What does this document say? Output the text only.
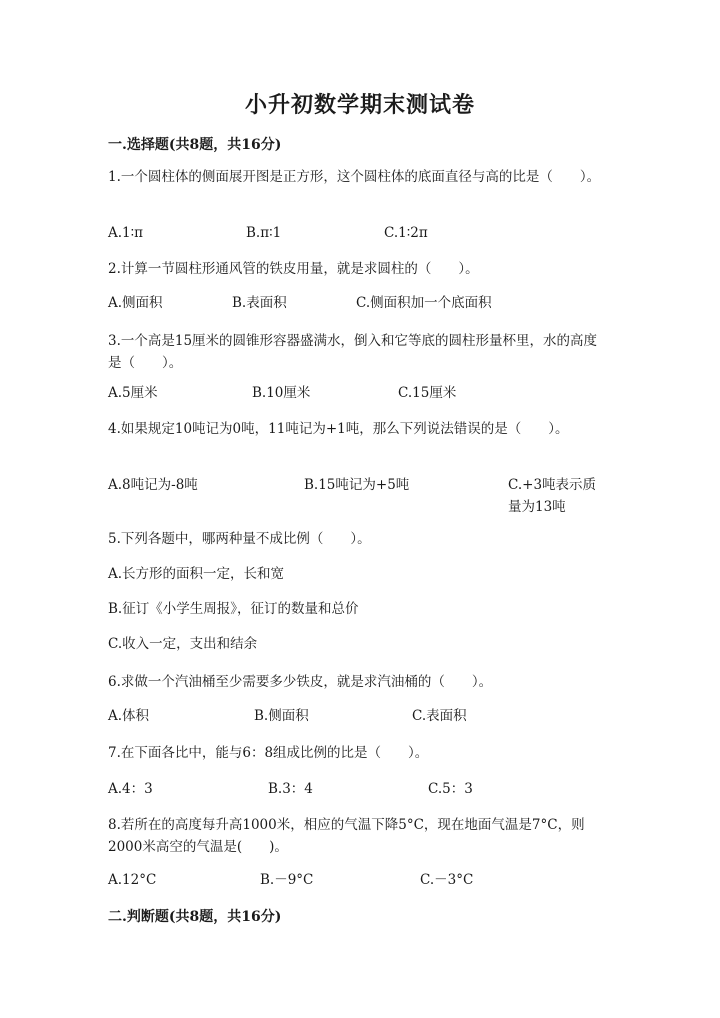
小升初数学期末测试卷
一.选择题(共8题，共16分)
1.一个圆柱体的侧面展开图是正方形，这个圆柱体的底面直径与高的比是（　　）。
A.1∶π	B.π∶1	C.1∶2π
2.计算一节圆柱形通风管的铁皮用量，就是求圆柱的（　　）。
A.侧面积	B.表面积	C.侧面积加一个底面积
3.一个高是15厘米的圆锥形容器盛满水，倒入和它等底的圆柱形量杯里，水的高度是（　　）。
A.5厘米	B.10厘米	C.15厘米
4.如果规定10吨记为0吨，11吨记为+1吨，那么下列说法错误的是（　　）。
A.8吨记为-8吨	B.15吨记为+5吨	C.+3吨表示质量为13吨
5.下列各题中，哪两种量不成比例（　　）。
A.长方形的面积一定，长和宽
B.征订《小学生周报》，征订的数量和总价
C.收入一定，支出和结余
6.求做一个汽油桶至少需要多少铁皮，就是求汽油桶的（　　）。
A.体积	B.侧面积	C.表面积
7.在下面各比中，能与6：8组成比例的比是（　　）。
A.4：3	B.3：4	C.5：3
8.若所在的高度每升高1000米，相应的气温下降5°C，现在地面气温是7°C，则2000米高空的气温是(　　)。
A.12°C	B.－9°C	C.－3°C
二.判断题(共8题，共16分)
